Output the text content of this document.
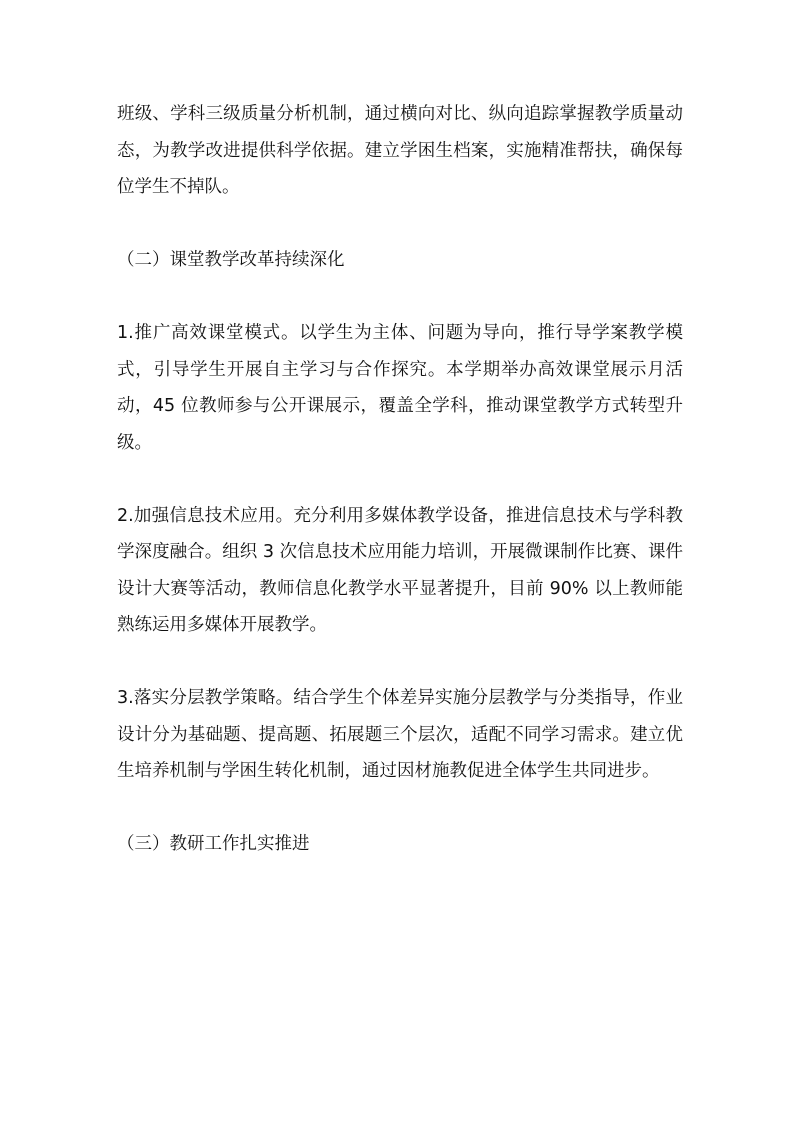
班级、学科三级质量分析机制，通过横向对比、纵向追踪掌握教学质量动态，为教学改进提供科学依据。建立学困生档案，实施精准帮扶，确保每位学生不掉队。

（二）课堂教学改革持续深化

1.推广高效课堂模式。以学生为主体、问题为导向，推行导学案教学模式，引导学生开展自主学习与合作探究。本学期举办高效课堂展示月活动，45 位教师参与公开课展示，覆盖全学科，推动课堂教学方式转型升级。

2.加强信息技术应用。充分利用多媒体教学设备，推进信息技术与学科教学深度融合。组织 3 次信息技术应用能力培训，开展微课制作比赛、课件设计大赛等活动，教师信息化教学水平显著提升，目前 90% 以上教师能熟练运用多媒体开展教学。

3.落实分层教学策略。结合学生个体差异实施分层教学与分类指导，作业设计分为基础题、提高题、拓展题三个层次，适配不同学习需求。建立优生培养机制与学困生转化机制，通过因材施教促进全体学生共同进步。

（三）教研工作扎实推进
